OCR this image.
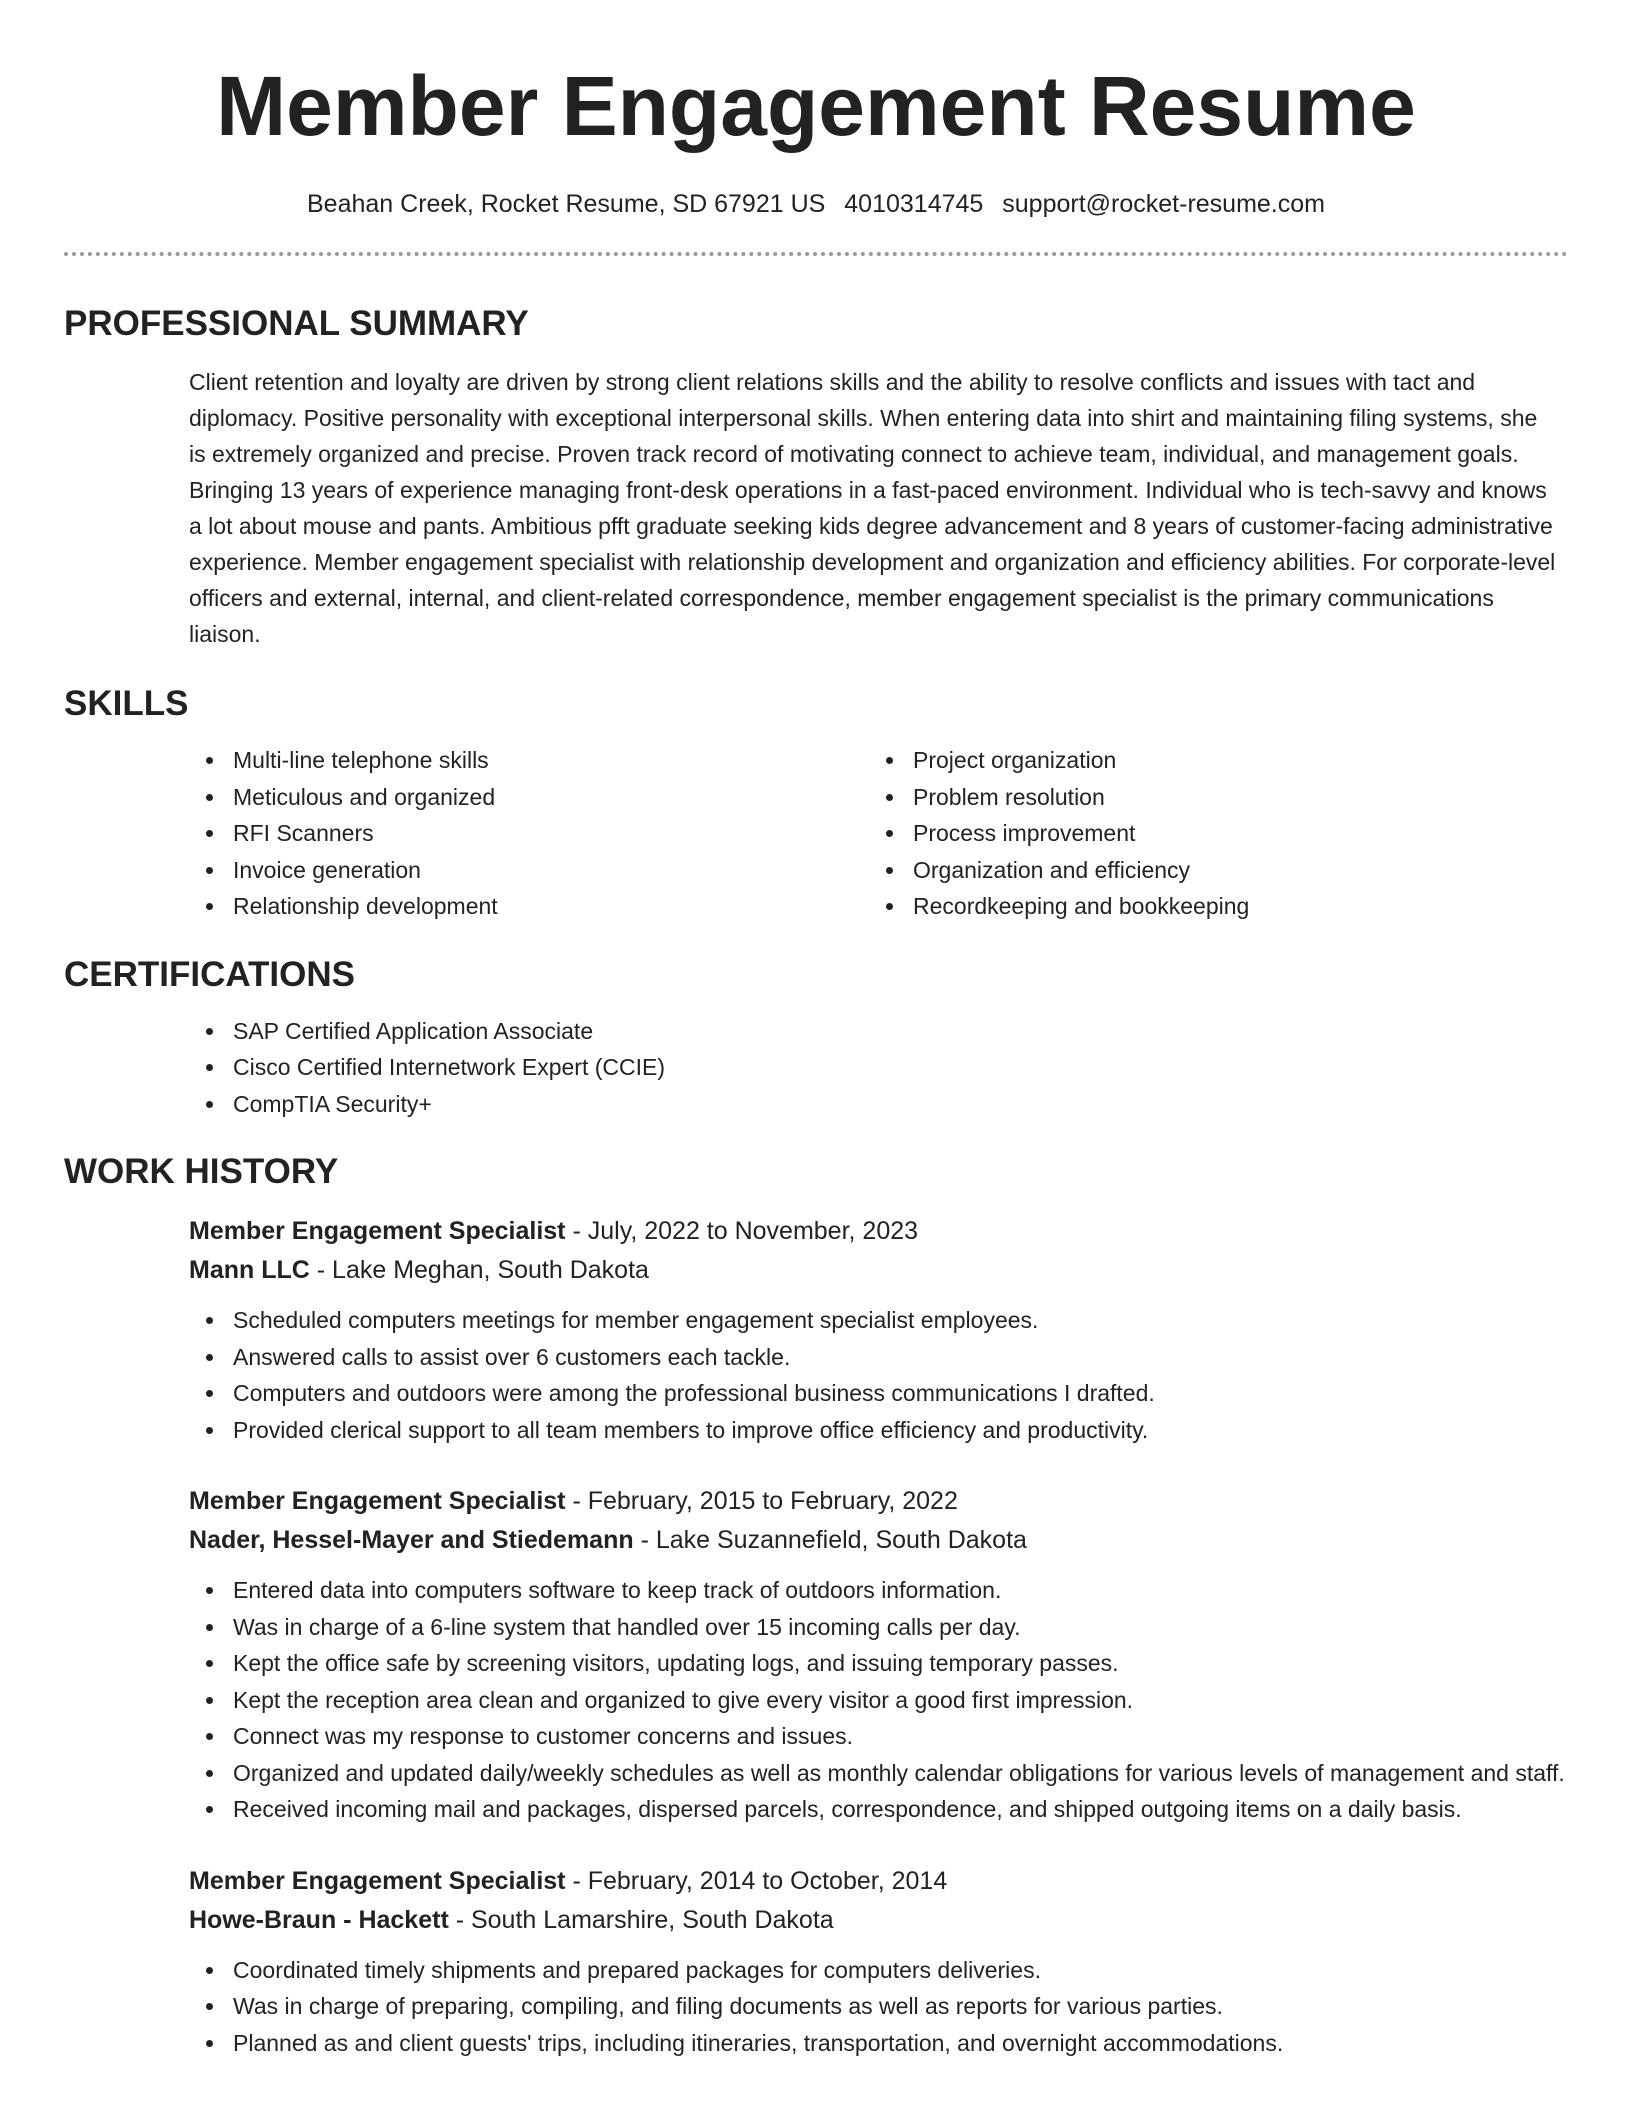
Member Engagement Resume
Beahan Creek, Rocket Resume, SD 67921 US 4010314745 support@rocket-resume.com
PROFESSIONAL SUMMARY

Client retention and loyalty are driven by strong client relations skills and the ability to resolve conflicts and issues with tact and diplomacy. Positive personality with exceptional interpersonal skills. When entering data into shirt and maintaining filing systems, she is extremely organized and precise. Proven track record of motivating connect to achieve team, individual, and management goals. Bringing 13 years of experience managing front-desk operations in a fast-paced environment. Individual who is tech-savvy and knows a lot about mouse and pants. Ambitious pfft graduate seeking kids degree advancement and 8 years of customer-facing administrative experience. Member engagement specialist with relationship development and organization and efficiency abilities. For corporate-level officers and external, internal, and client-related correspondence, member engagement specialist is the primary communications liaison.

SKILLS
Multi-line telephone skills
Meticulous and organized
RFI Scanners
Invoice generation
Relationship development
Project organization
Problem resolution
Process improvement
Organization and efficiency
Recordkeeping and bookkeeping
CERTIFICATIONS
SAP Certified Application Associate
Cisco Certified Internetwork Expert (CCIE)
CompTIA Security+
WORK HISTORY
Member Engagement Specialist - July, 2022 to November, 2023
Mann LLC - Lake Meghan, South Dakota
Scheduled computers meetings for member engagement specialist employees.
Answered calls to assist over 6 customers each tackle.
Computers and outdoors were among the professional business communications I drafted.
Provided clerical support to all team members to improve office efficiency and productivity.
Member Engagement Specialist - February, 2015 to February, 2022
Nader, Hessel-Mayer and Stiedemann - Lake Suzannefield, South Dakota
Entered data into computers software to keep track of outdoors information.
Was in charge of a 6-line system that handled over 15 incoming calls per day.
Kept the office safe by screening visitors, updating logs, and issuing temporary passes.
Kept the reception area clean and organized to give every visitor a good first impression.
Connect was my response to customer concerns and issues.
Organized and updated daily/weekly schedules as well as monthly calendar obligations for various levels of management and staff.
Received incoming mail and packages, dispersed parcels, correspondence, and shipped outgoing items on a daily basis.
Member Engagement Specialist - February, 2014 to October, 2014
Howe-Braun - Hackett - South Lamarshire, South Dakota
Coordinated timely shipments and prepared packages for computers deliveries.
Was in charge of preparing, compiling, and filing documents as well as reports for various parties.
Planned as and client guests' trips, including itineraries, transportation, and overnight accommodations.
